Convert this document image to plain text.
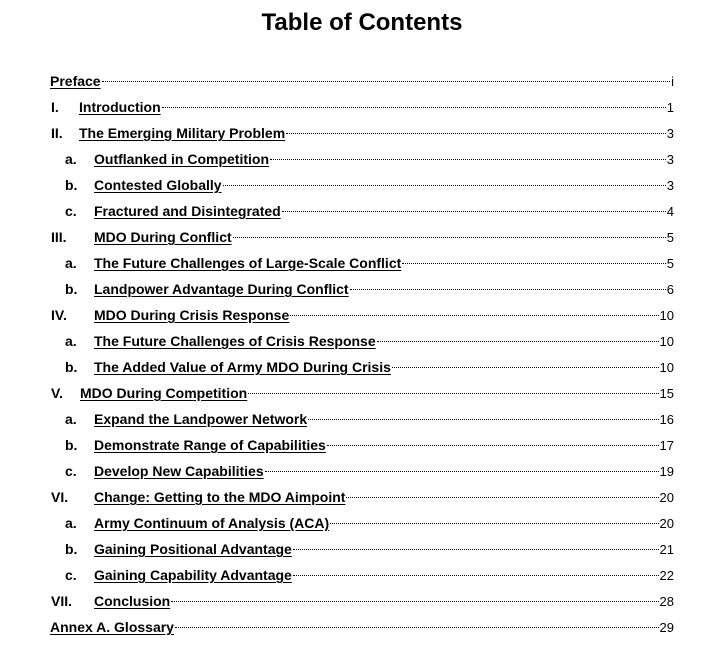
Table of Contents
Preface	i
I. Introduction	1
II. The Emerging Military Problem	3
a. Outflanked in Competition	3
b. Contested Globally	3
c. Fractured and Disintegrated	4
III. MDO During Conflict	5
a. The Future Challenges of Large-Scale Conflict	5
b. Landpower Advantage During Conflict	6
IV. MDO During Crisis Response	10
a. The Future Challenges of Crisis Response	10
b. The Added Value of Army MDO During Crisis	10
V. MDO During Competition	15
a. Expand the Landpower Network	16
b. Demonstrate Range of Capabilities	17
c. Develop New Capabilities	19
VI. Change: Getting to the MDO Aimpoint	20
a. Army Continuum of Analysis (ACA)	20
b. Gaining Positional Advantage	21
c. Gaining Capability Advantage	22
VII. Conclusion	28
Annex A. Glossary	29
